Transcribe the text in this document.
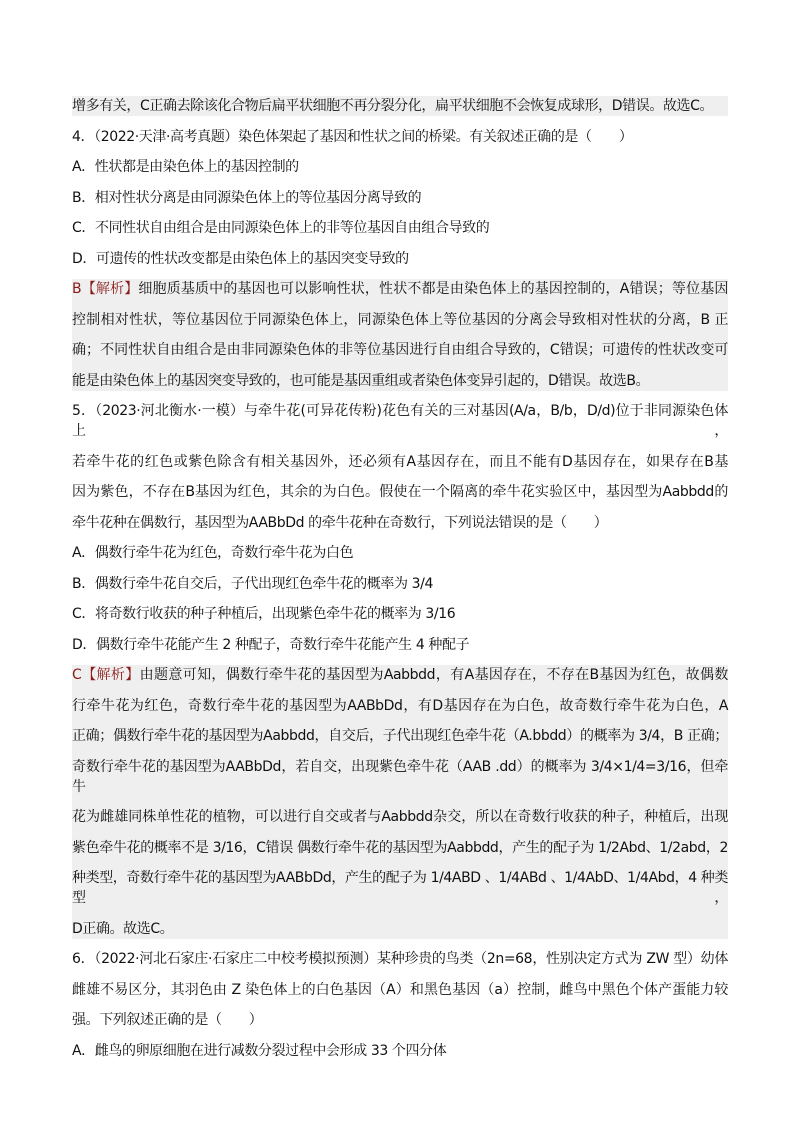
增多有关，C正确去除该化合物后扁平状细胞不再分裂分化，扁平状细胞不会恢复成球形，D错误。故选C。
4．（2022·天津·高考真题）染色体架起了基因和性状之间的桥梁。有关叙述正确的是（　　）
A．性状都是由染色体上的基因控制的
B．相对性状分离是由同源染色体上的等位基因分离导致的
C．不同性状自由组合是由同源染色体上的非等位基因自由组合导致的
D．可遗传的性状改变都是由染色体上的基因突变导致的
B【解析】细胞质基质中的基因也可以影响性状，性状不都是由染色体上的基因控制的，A错误；等位基因
控制相对性状，等位基因位于同源染色体上，同源染色体上等位基因的分离会导致相对性状的分离，B 正
确；不同性状自由组合是由非同源染色体的非等位基因进行自由组合导致的，C错误；可遗传的性状改变可
能是由染色体上的基因突变导致的，也可能是基因重组或者染色体变异引起的，D错误。故选B。
5．（2023·河北衡水·一模）与牵牛花(可异花传粉)花色有关的三对基因(A/a，B/b，D/d)位于非同源染色体上，
若牵牛花的红色或紫色除含有相关基因外，还必须有A基因存在，而且不能有D基因存在，如果存在B基
因为紫色，不存在B基因为红色，其余的为白色。假使在一个隔离的牵牛花实验区中，基因型为Aabbdd的
牵牛花种在偶数行，基因型为AABbDd 的牵牛花种在奇数行，下列说法错误的是（　　）
A．偶数行牵牛花为红色，奇数行牵牛花为白色
B．偶数行牵牛花自交后，子代出现红色牵牛花的概率为 3/4
C．将奇数行收获的种子种植后，出现紫色牵牛花的概率为 3/16
D．偶数行牵牛花能产生 2 种配子，奇数行牵牛花能产生 4 种配子
C【解析】由题意可知，偶数行牵牛花的基因型为Aabbdd，有A基因存在，不存在B基因为红色，故偶数
行牵牛花为红色，奇数行牵牛花的基因型为AABbDd，有D基因存在为白色，故奇数行牵牛花为白色，A
正确；偶数行牵牛花的基因型为Aabbdd，自交后，子代出现红色牵牛花（A.bbdd）的概率为 3/4，B 正确；
奇数行牵牛花的基因型为AABbDd，若自交，出现紫色牵牛花（AAB .dd）的概率为 3/4×1/4=3/16，但牵牛
花为雌雄同株单性花的植物，可以进行自交或者与Aabbdd杂交，所以在奇数行收获的种子，种植后，出现
紫色牵牛花的概率不是 3/16，C错误 偶数行牵牛花的基因型为Aabbdd，产生的配子为 1/2Abd、1/2abd，2
种类型，奇数行牵牛花的基因型为AABbDd，产生的配子为 1/4ABD 、1/4ABd 、1/4AbD、1/4Abd，4 种类型，
D正确。故选C。
6．（2022·河北石家庄·石家庄二中校考模拟预测）某种珍贵的鸟类（2n=68，性别决定方式为 ZW 型）幼体
雌雄不易区分，其羽色由 Z 染色体上的白色基因（A）和黑色基因（a）控制，雌鸟中黑色个体产蛋能力较
强。下列叙述正确的是（　　）
A．雌鸟的卵原细胞在进行减数分裂过程中会形成 33 个四分体
